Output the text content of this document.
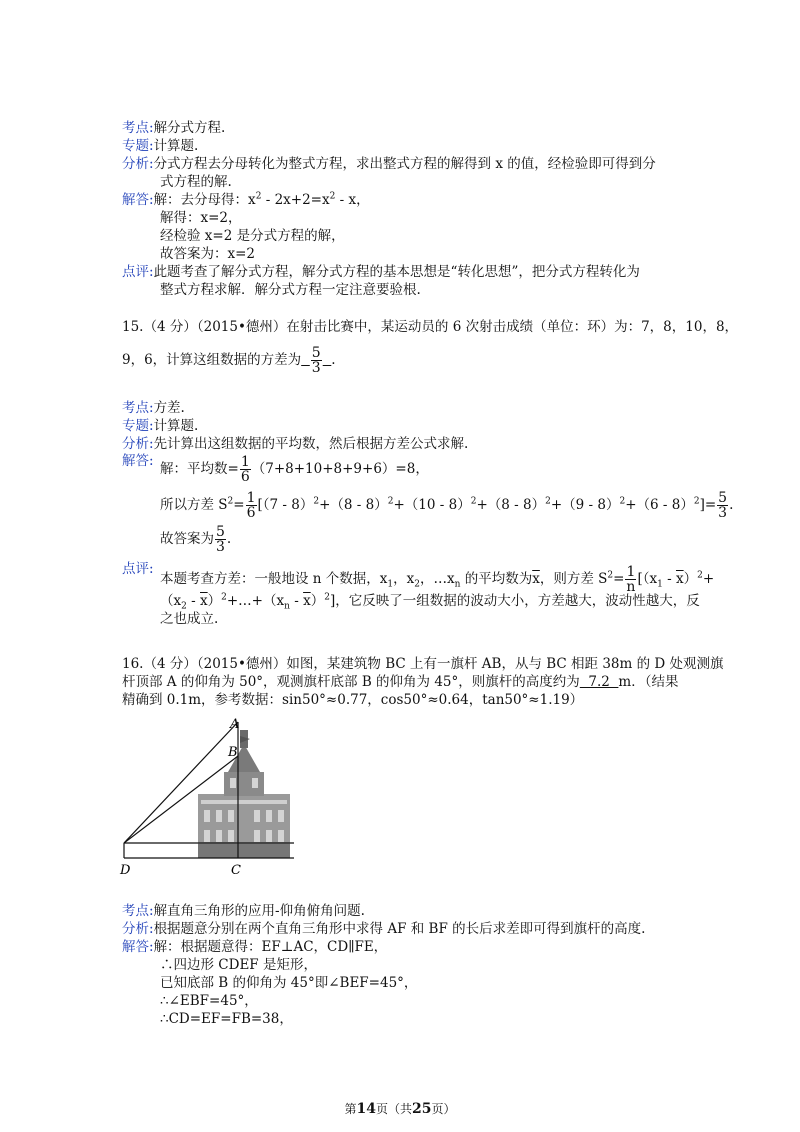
考点:解分式方程.
专题:计算题.
分析:分式方程去分母转化为整式方程，求出整式方程的解得到 x 的值，经检验即可得到分
式方程的解.
解答:解：去分母得：$x^2 - 2x+2=x^2 - x$，
解得：x=2，
经检验 x=2 是分式方程的解，
故答案为：x=2
点评:此题考查了解分式方程，解分式方程的基本思想是“转化思想”，把分式方程转化为
整式方程求解．解分式方程一定注意要验根.
15.（4 分）（2015•德州）在射击比赛中，某运动员的 6 次射击成绩（单位：环）为：7，8，10，8，
9，6，计算这组数据的方差为 $\frac{5}{3}$ .
考点:方差.
专题:计算题.
分析:先计算出这组数据的平均数，然后根据方差公式求解.
解答: 解：平均数= $\frac{1}{6} (7+8+10+8+9+6)=8$，
所以方差 $S^2= \frac{1}{6} [(7 - 8)^2+(8 - 8)^2+(10 - 8)^2+(8 - 8)^2+(9 - 8)^2+(6 - 8)^2]= \frac{5}{3}$ .
故答案为 $\frac{5}{3}$ .
点评:
本题考查方差：一般地设 n 个数据，$x_1$，$x_2$，$\dots x_n$ 的平均数为$\overline{x}$，则方差 $S^2= \frac{1}{n} [(x_1 - \overline{x})^2+$
（$x_2$ - $\overline{x})^2+\dots+(x_n - \overline{x})^2$]，它反映了一组数据的波动大小，方差越大，波动性越大，反
之也成立.
16.（4 分）（2015•德州）如图，某建筑物 BC 上有一旗杆 AB，从与 BC 相距 38m 的 D 处观测旗
杆顶部 A 的仰角为 50°，观测旗杆底部 B 的仰角为 45°，则旗杆的高度约为  7.2  m．（结果
精确到 0.1m，参考数据：sin50°≈0.77，cos50°≈0.64，tan50°≈1.19）
A
B
C
D
考点:解直角三角形的应用-仰角俯角问题.
分析:根据题意分别在两个直角三角形中求得 AF 和 BF 的长后求差即可得到旗杆的高度.
解答:解：根据题意得：EF⊥AC，CD∥FE，
∴四边形 CDEF 是矩形，
已知底部 B 的仰角为 45°即∠BEF=45°，
∴∠EBF=45°，
∴CD=EF=FB=38，
第14页（共25页）
